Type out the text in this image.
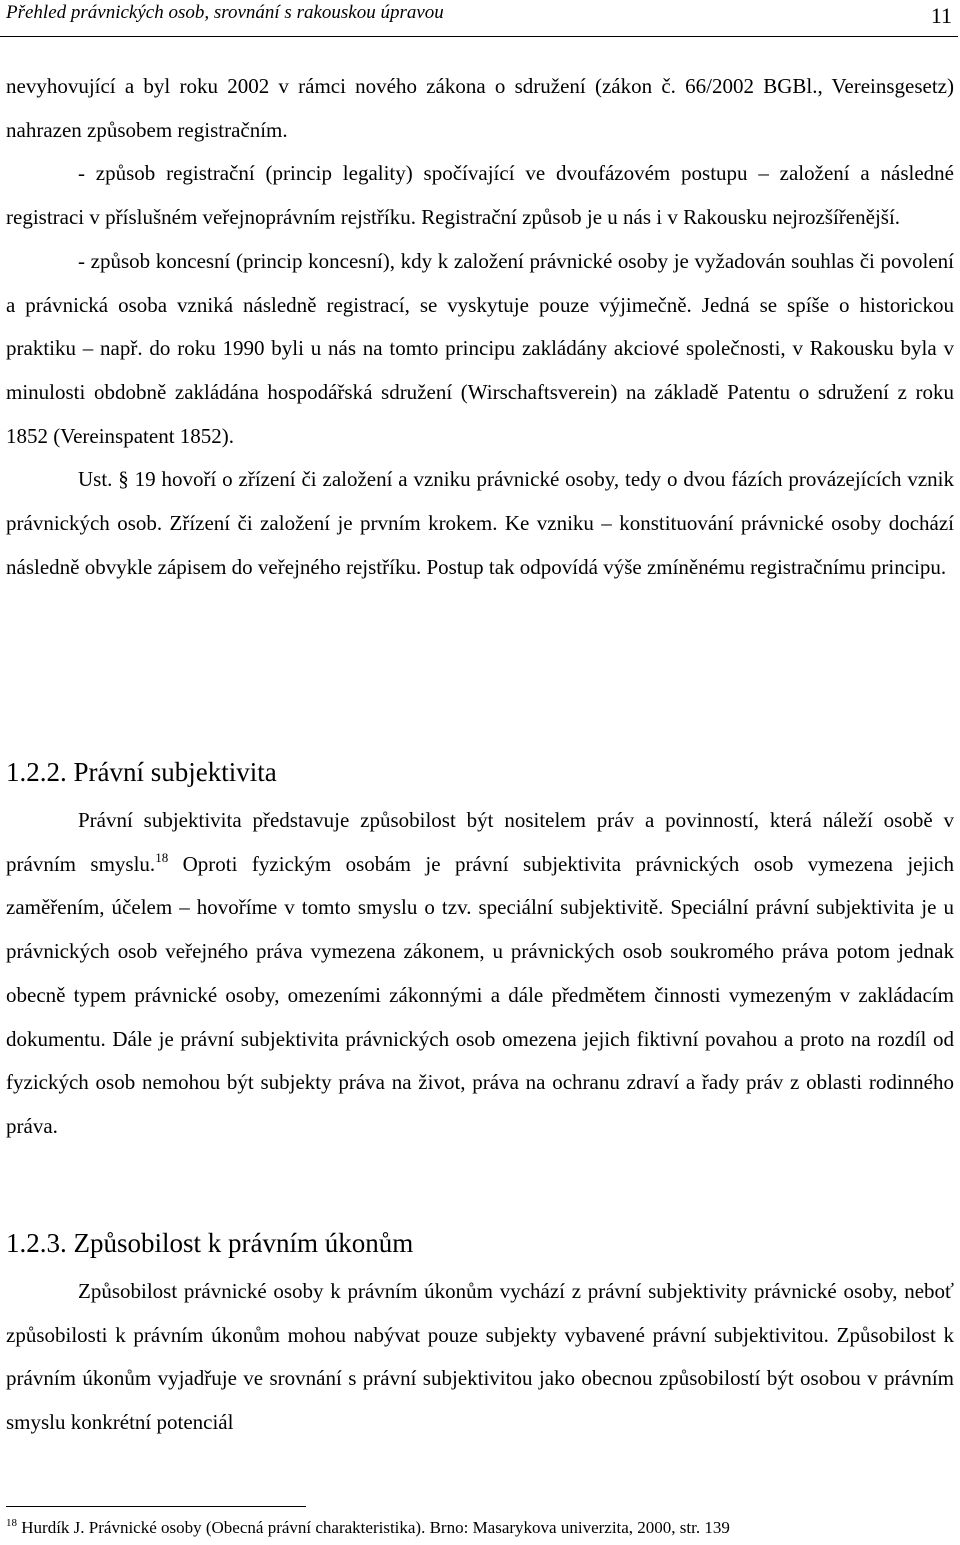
Přehled právnických osob, srovnání s rakouskou úpravou	11

nevyhovující a byl roku 2002 v rámci nového zákona o sdružení (zákon č. 66/2002 BGBl., Vereinsgesetz) nahrazen způsobem registračním.

- způsob registrační (princip legality) spočívající ve dvoufázovém postupu – založení a následné registraci v příslušném veřejnoprávním rejstříku. Registrační způsob je u nás i v Rakousku nejrozšířenější.

- způsob koncesní (princip koncesní), kdy k založení právnické osoby je vyžadován souhlas či povolení a právnická osoba vzniká následně registrací, se vyskytuje pouze výjimečně. Jedná se spíše o historickou praktiku – např. do roku 1990 byli u nás na tomto principu zakládány akciové společnosti, v Rakousku byla v minulosti obdobně zakládána hospodářská sdružení (Wirschaftsverein) na základě Patentu o sdružení z roku 1852 (Vereinspatent 1852).

Ust. § 19 hovoří o zřízení či založení a vzniku právnické osoby, tedy o dvou fázích provázejících vznik právnických osob. Zřízení či založení je prvním krokem. Ke vzniku – konstituování právnické osoby dochází následně obvykle zápisem do veřejného rejstříku. Postup tak odpovídá výše zmíněnému registračnímu principu.

1.2.2. Právní subjektivita

Právní subjektivita představuje způsobilost být nositelem práv a povinností, která náleží osobě v právním smyslu.$^{18}$ Oproti fyzickým osobám je právní subjektivita právnických osob vymezena jejich zaměřením, účelem – hovoříme v tomto smyslu o tzv. speciální subjektivitě. Speciální právní subjektivita je u právnických osob veřejného práva vymezena zákonem, u právnických osob soukromého práva potom jednak obecně typem právnické osoby, omezeními zákonnými a dále předmětem činnosti vymezeným v zakládacím dokumentu. Dále je právní subjektivita právnických osob omezena jejich fiktivní povahou a proto na rozdíl od fyzických osob nemohou být subjekty práva na život, práva na ochranu zdraví a řady práv z oblasti rodinného práva.

1.2.3. Způsobilost k právním úkonům

Způsobilost právnické osoby k právním úkonům vychází z právní subjektivity právnické osoby, neboť způsobilosti k právním úkonům mohou nabývat pouze subjekty vybavené právní subjektivitou. Způsobilost k právním úkonům vyjadřuje ve srovnání s právní subjektivitou jako obecnou způsobilostí být osobou v právním smyslu konkrétní potenciál

$^{18}$ Hurdík J. Právnické osoby (Obecná právní charakteristika). Brno: Masarykova univerzita, 2000, str. 139
